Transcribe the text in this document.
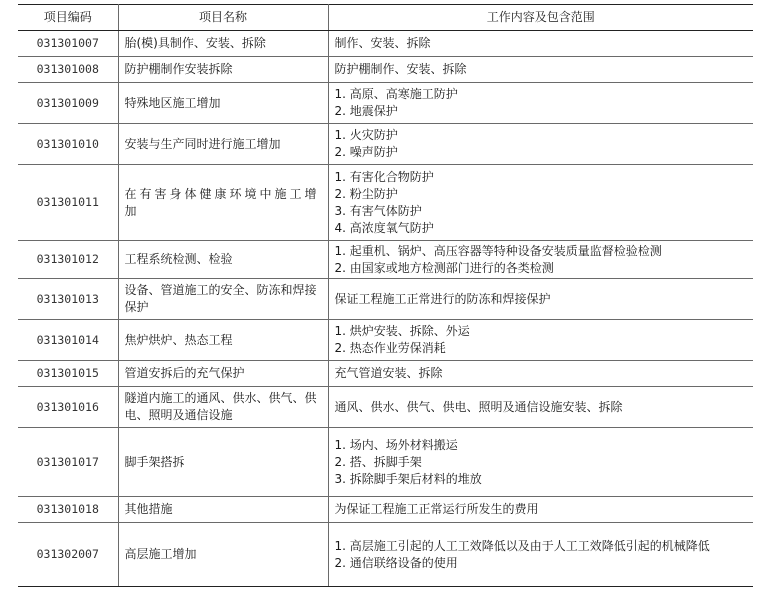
项目编码	项目名称	工作内容及包含范围
031301007	胎(模)具制作、安装、拆除	制作、安装、拆除

031301008	防护棚制作安装拆除	防护棚制作、安装、拆除

031301009	特殊地区施工增加	1. 高原、高寒施工防护
2. 地震保护

031301010	安装与生产同时进行施工增加	1. 火灾防护
2. 噪声防护

031301011	在有害身体健康环境中施工增加	1. 有害化合物防护
2. 粉尘防护
3. 有害气体防护
4. 高浓度氧气防护

031301012	工程系统检测、检验	1. 起重机、锅炉、高压容器等特种设备安装质量监督检验检测
2. 由国家或地方检测部门进行的各类检测

031301013	设备、管道施工的安全、防冻和焊接保护	保证工程施工正常进行的防冻和焊接保护

031301014	焦炉烘炉、热态工程	1. 烘炉安装、拆除、外运
2. 热态作业劳保消耗

031301015	管道安拆后的充气保护	充气管道安装、拆除

031301016	隧道内施工的通风、供水、供气、供电、照明及通信设施	通风、供水、供气、供电、照明及通信设施安装、拆除

031301017	脚手架搭拆	1. 场内、场外材料搬运
2. 搭、拆脚手架
3. 拆除脚手架后材料的堆放

031301018	其他措施	为保证工程施工正常运行所发生的费用

031302007	高层施工增加	1. 高层施工引起的人工工效降低以及由于人工工效降低引起的机械降低
2. 通信联络设备的使用
